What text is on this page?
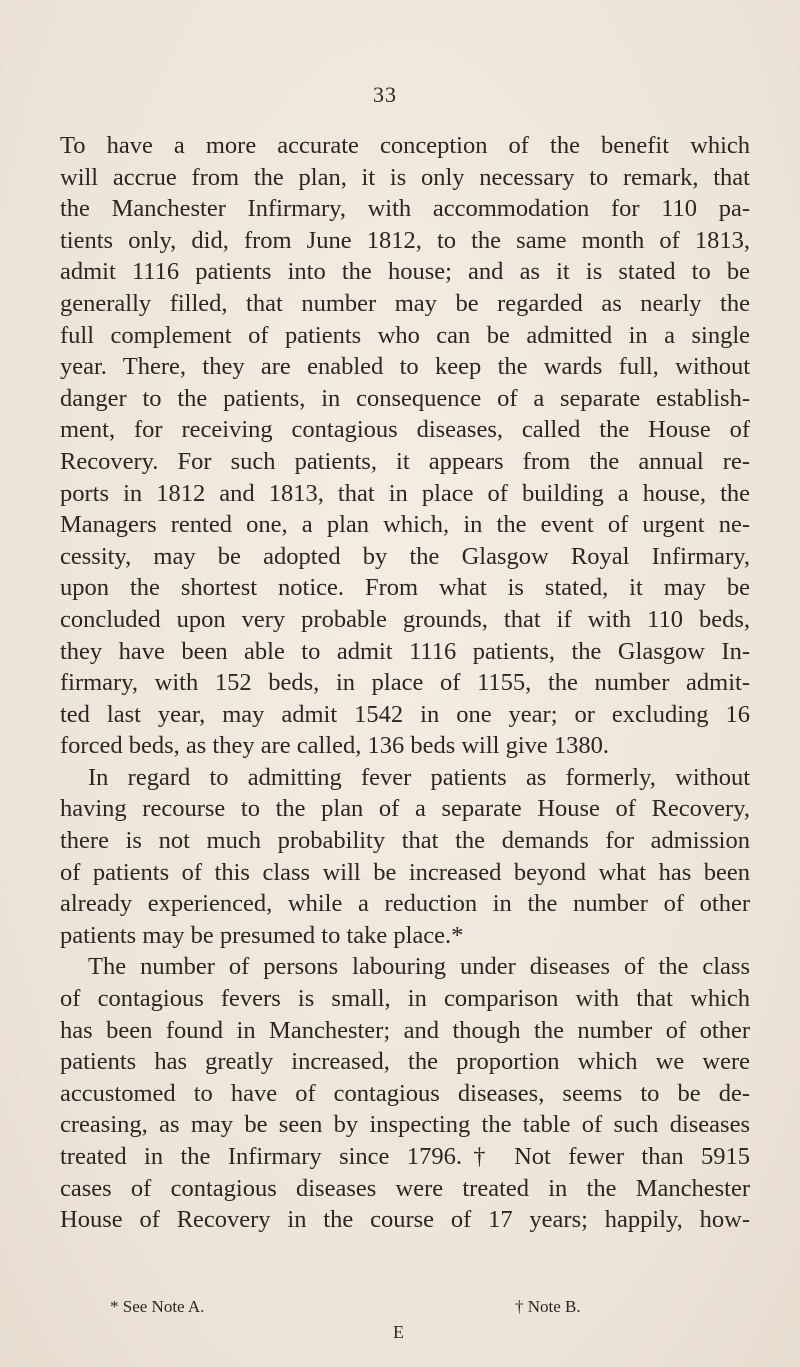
33
To have a more accurate conception of the benefit which
will accrue from the plan, it is only necessary to remark, that
the Manchester Infirmary, with accommodation for 110 pa-
tients only, did, from June 1812, to the same month of 1813,
admit 1116 patients into the house; and as it is stated to be
generally filled, that number may be regarded as nearly the
full complement of patients who can be admitted in a single
year. There, they are enabled to keep the wards full, without
danger to the patients, in consequence of a separate establish-
ment, for receiving contagious diseases, called the House of
Recovery. For such patients, it appears from the annual re-
ports in 1812 and 1813, that in place of building a house, the
Managers rented one, a plan which, in the event of urgent ne-
cessity, may be adopted by the Glasgow Royal Infirmary,
upon the shortest notice. From what is stated, it may be
concluded upon very probable grounds, that if with 110 beds,
they have been able to admit 1116 patients, the Glasgow In-
firmary, with 152 beds, in place of 1155, the number admit-
ted last year, may admit 1542 in one year; or excluding 16
forced beds, as they are called, 136 beds will give 1380.
In regard to admitting fever patients as formerly, without
having recourse to the plan of a separate House of Recovery,
there is not much probability that the demands for admission
of patients of this class will be increased beyond what has been
already experienced, while a reduction in the number of other
patients may be presumed to take place.*
The number of persons labouring under diseases of the class
of contagious fevers is small, in comparison with that which
has been found in Manchester; and though the number of other
patients has greatly increased, the proportion which we were
accustomed to have of contagious diseases, seems to be de-
creasing, as may be seen by inspecting the table of such diseases
treated in the Infirmary since 1796.† Not fewer than 5915
cases of contagious diseases were treated in the Manchester
House of Recovery in the course of 17 years; happily, how-
* See Note A.	† Note B.
E
